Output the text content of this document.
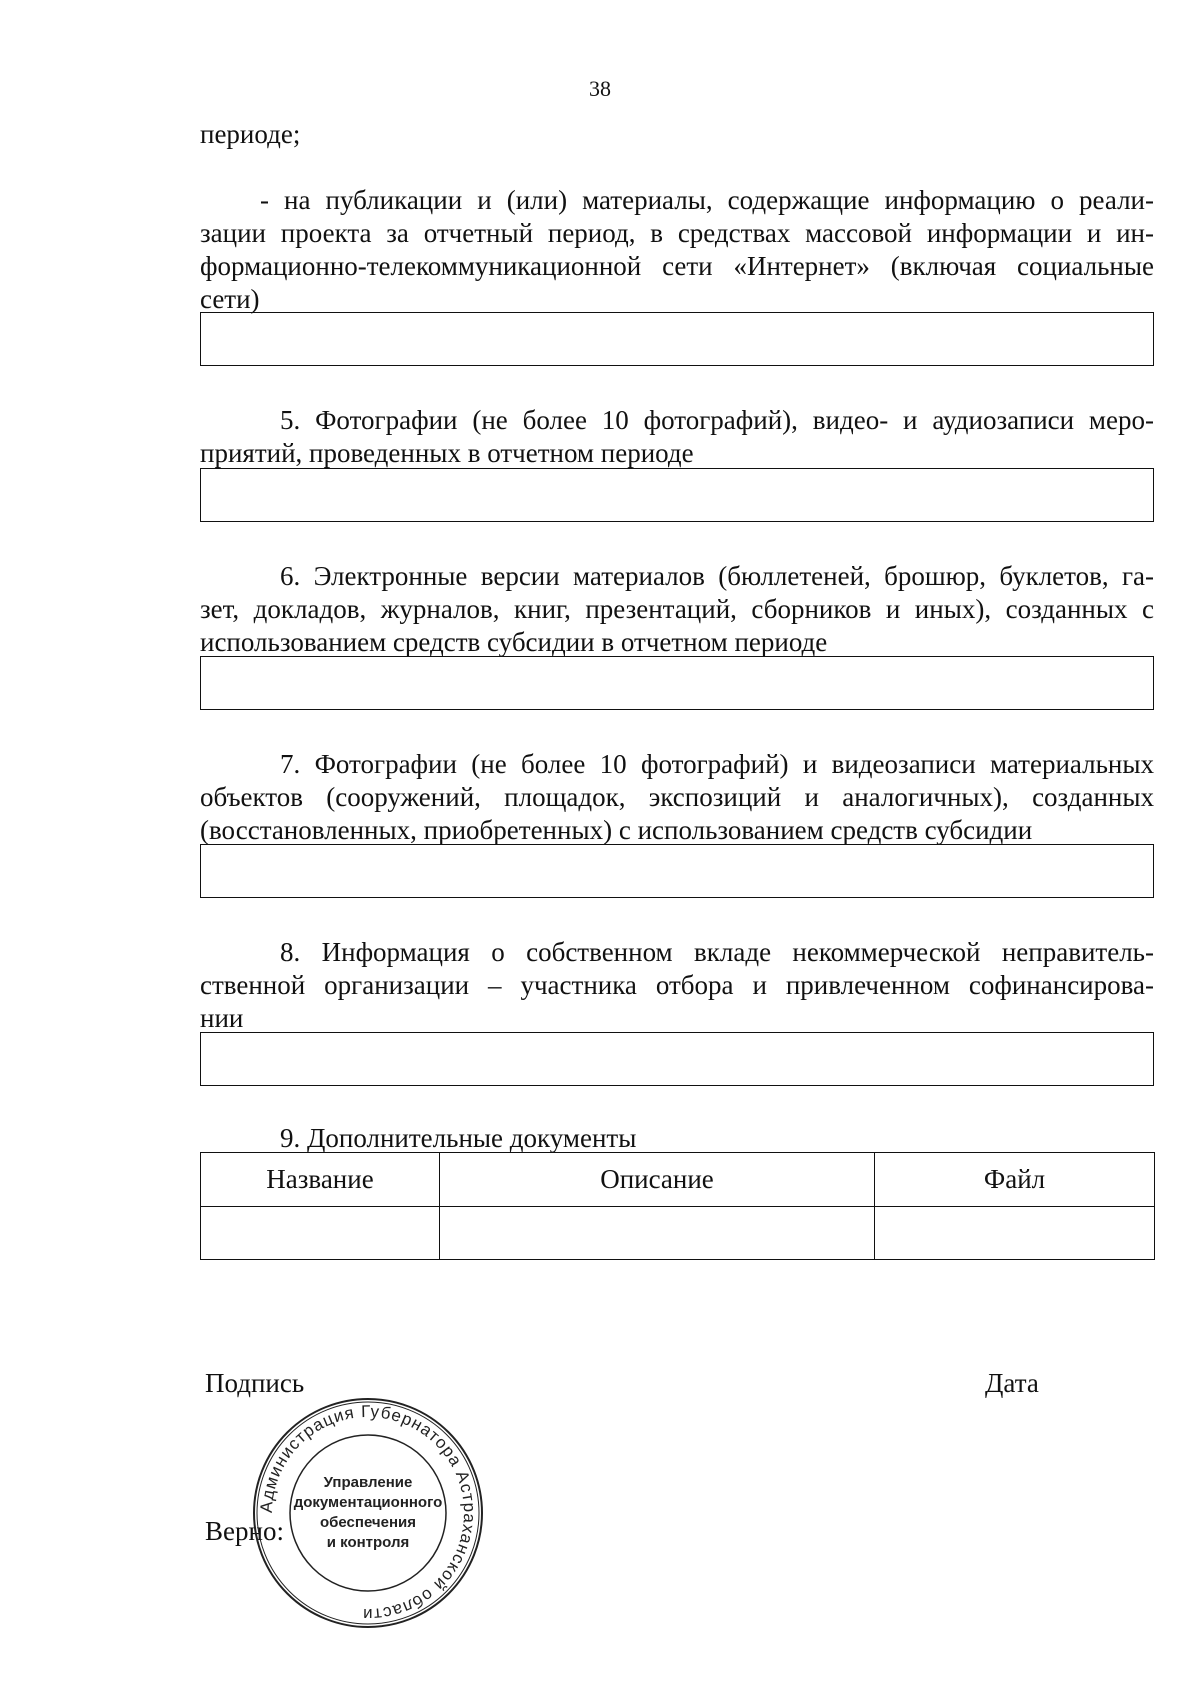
38
периоде;
- на публикации и (или) материалы, содержащие информацию о реали-
зации проекта за отчетный период, в средствах массовой информации и ин-
формационно-телекоммуникационной сети «Интернет» (включая социальные
сети)
5. Фотографии (не более 10 фотографий), видео- и аудиозаписи меро-
приятий, проведенных в отчетном периоде
6. Электронные версии материалов (бюллетеней, брошюр, буклетов, га-
зет, докладов, журналов, книг, презентаций, сборников и иных), созданных с
использованием средств субсидии в отчетном периоде
7. Фотографии (не более 10 фотографий) и видеозаписи материальных
объектов (сооружений, площадок, экспозиций и аналогичных), созданных
(восстановленных, приобретенных) с использованием средств субсидии
8. Информация о собственном вкладе некоммерческой неправитель-
ственной организации – участника отбора и привлеченном софинансирова-
нии
9. Дополнительные документы
Название	Описание	Файл

Подпись	Дата
Верно:
Администрация Губернатора Астраханской области
Управление
документационного
обеспечения
и контроля
